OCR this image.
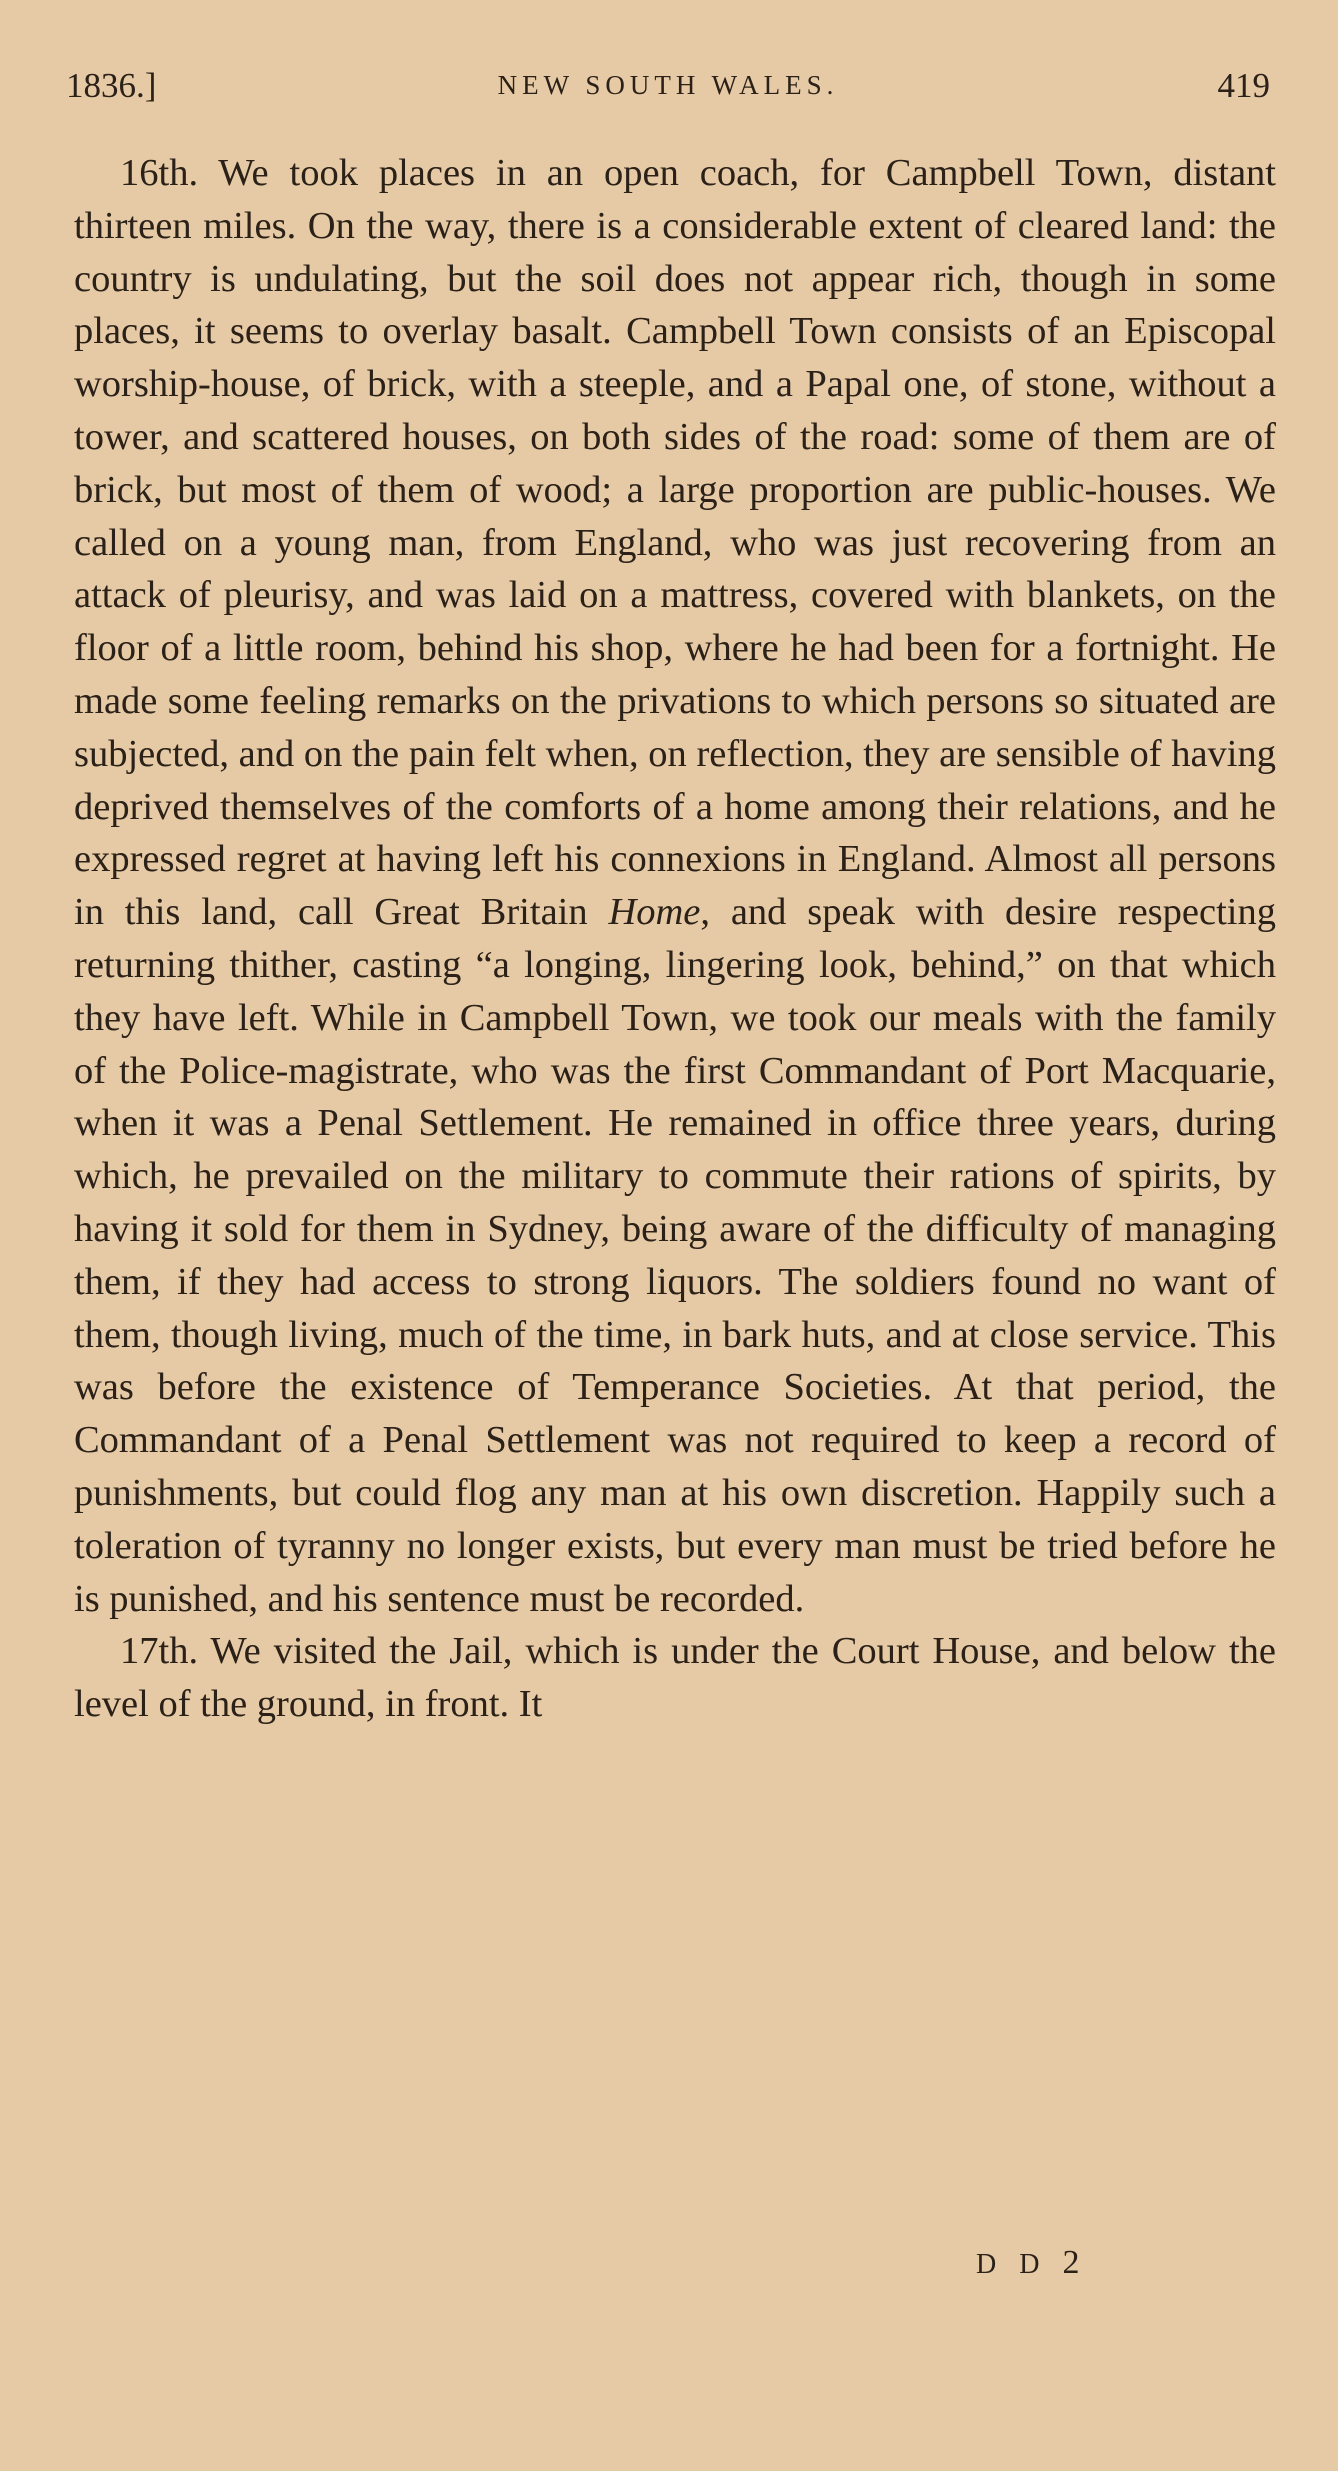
1836.]	NEW SOUTH WALES.	419

16th. We took places in an open coach, for Campbell Town, distant thirteen miles. On the way, there is a considerable extent of cleared land: the country is undulating, but the soil does not appear rich, though in some places, it seems to overlay basalt. Campbell Town consists of an Episcopal worship-house, of brick, with a steeple, and a Papal one, of stone, without a tower, and scattered houses, on both sides of the road: some of them are of brick, but most of them of wood; a large proportion are public-houses. We called on a young man, from England, who was just recovering from an attack of pleurisy, and was laid on a mattress, covered with blankets, on the floor of a little room, behind his shop, where he had been for a fortnight. He made some feeling remarks on the privations to which persons so situated are subjected, and on the pain felt when, on reflection, they are sensible of having deprived themselves of the comforts of a home among their relations, and he expressed regret at having left his connexions in England. Almost all persons in this land, call Great Britain Home, and speak with desire respecting returning thither, casting “a longing, lingering look, behind,” on that which they have left. While in Campbell Town, we took our meals with the family of the Police-magistrate, who was the first Commandant of Port Macquarie, when it was a Penal Settlement. He remained in office three years, during which, he prevailed on the military to commute their rations of spirits, by having it sold for them in Sydney, being aware of the difficulty of managing them, if they had access to strong liquors. The soldiers found no want of them, though living, much of the time, in bark huts, and at close service. This was before the existence of Temperance Societies. At that period, the Commandant of a Penal Settlement was not required to keep a record of punishments, but could flog any man at his own discretion. Happily such a toleration of tyranny no longer exists, but every man must be tried before he is punished, and his sentence must be recorded.

17th. We visited the Jail, which is under the Court House, and below the level of the ground, in front. It

D D 2
